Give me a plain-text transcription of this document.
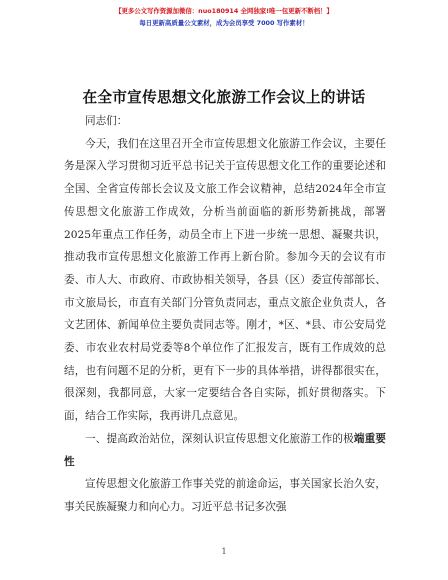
【更多公文写作资源加微信：nuo180914 全网独家!唯一包更新不断档！】
每日更新高质量公文素材，成为会员享受 7000 写作素材！
在全市宣传思想文化旅游工作会议上的讲话

同志们：

今天，我们在这里召开全市宣传思想文化旅游工作会议，主要任务是深入学习贯彻习近平总书记关于宣传思想文化工作的重要论述和全国、全省宣传部长会议及文旅工作会议精神，总结2024年全市宣传思想文化旅游工作成效，分析当前面临的新形势新挑战，部署2025年重点工作任务，动员全市上下进一步统一思想、凝聚共识，推动我市宣传思想文化旅游工作再上新台阶。参加今天的会议有市委、市人大、市政府、市政协相关领导，各县（区）委宣传部部长、市文旅局长，市直有关部门分管负责同志，重点文旅企业负责人，各文艺团体、新闻单位主要负责同志等。刚才，*区、*县、市公安局党委、市农业农村局党委等8个单位作了汇报发言，既有工作成效的总结，也有问题不足的分析，更有下一步的具体举措，讲得都很实在，很深刻，我都同意，大家一定要结合各自实际，抓好贯彻落实。下面，结合工作实际，我再讲几点意见。

一、提高政治站位，深刻认识宣传思想文化旅游工作的极端重要性

宣传思想文化旅游工作事关党的前途命运，事关国家长治久安，事关民族凝聚力和向心力。习近平总书记多次强

1
